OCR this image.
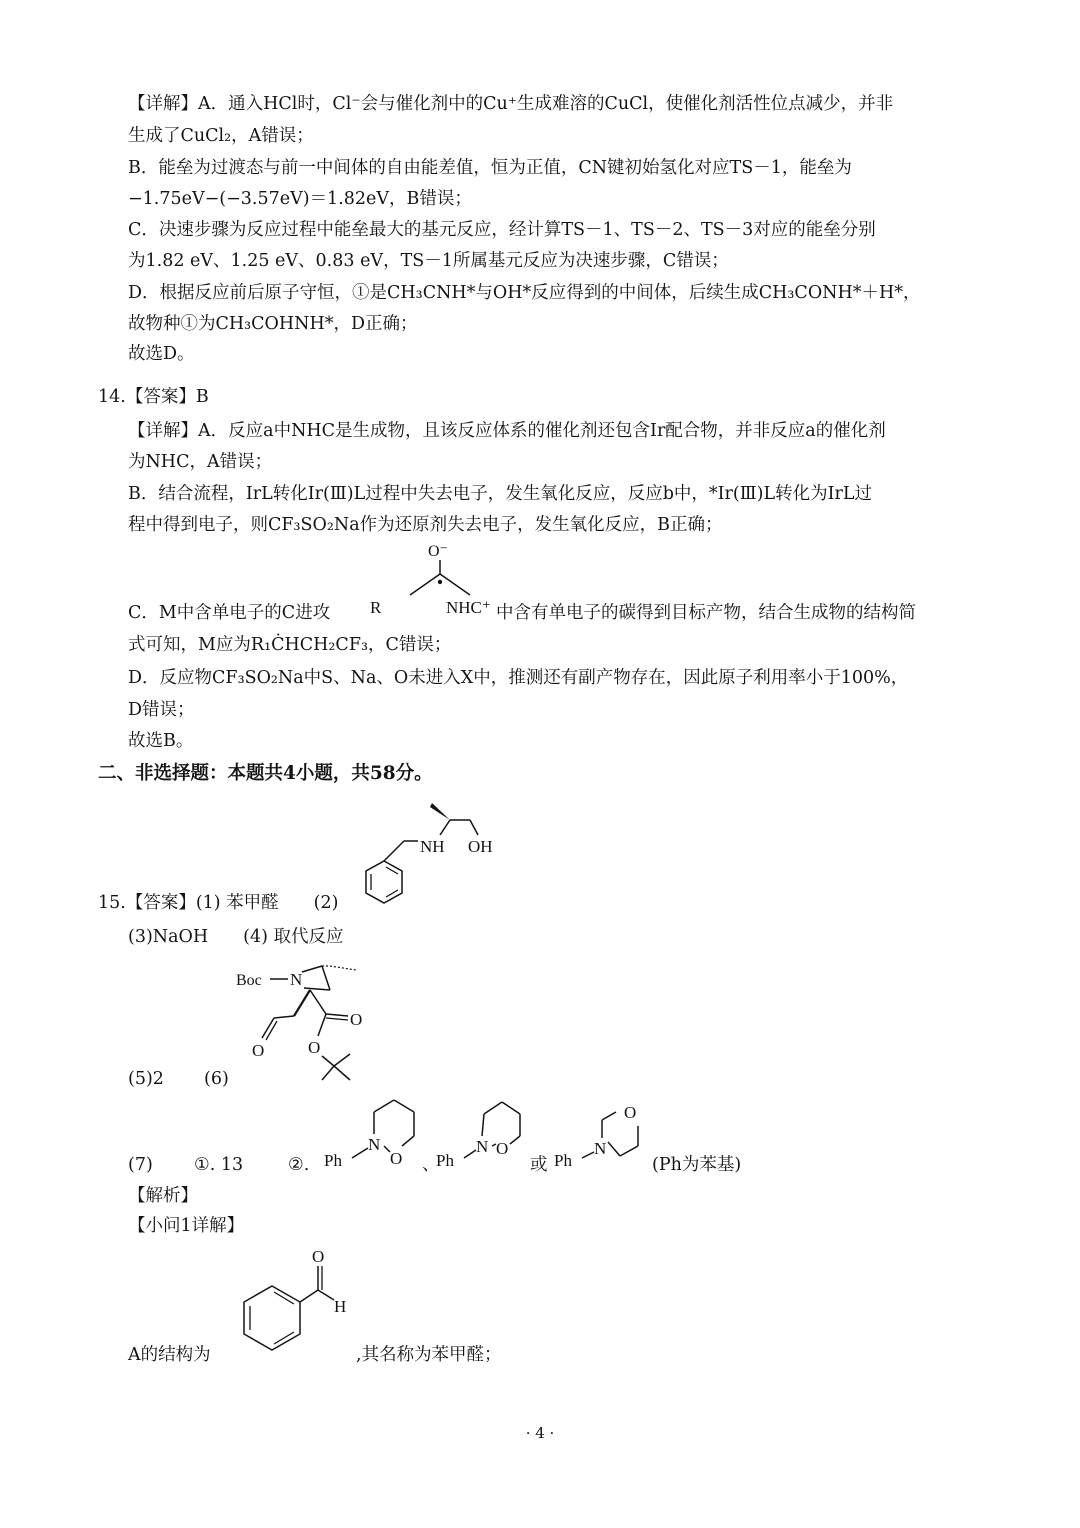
【详解】A．通入HCl时，Cl⁻会与催化剂中的Cu⁺生成难溶的CuCl，使催化剂活性位点减少，并非
生成了CuCl₂，A错误；
B．能垒为过渡态与前一中间体的自由能差值，恒为正值，CN键初始氢化对应TS－1，能垒为
−1.75eV−(−3.57eV)＝1.82eV，B错误；
C．决速步骤为反应过程中能垒最大的基元反应，经计算TS－1、TS－2、TS－3对应的能垒分别
为1.82 eV、1.25 eV、0.83 eV，TS－1所属基元反应为决速步骤，C错误；
D．根据反应前后原子守恒，①是CH₃CNH*与OH*反应得到的中间体，后续生成CH₃CONH*＋H*，
故物种①为CH₃COHNH*，D正确；
故选D。
14.【答案】B
【详解】A．反应a中NHC是生成物，且该反应体系的催化剂还包含Ir配合物，并非反应a的催化剂
为NHC，A错误；
B．结合流程，IrL转化Ir(Ⅲ)L过程中失去电子，发生氧化反应，反应b中，*Ir(Ⅲ)L转化为IrL过
程中得到电子，则CF₃SO₂Na作为还原剂失去电子，发生氧化反应，B正确；
C．M中含单电子的C进攻
O⁻
R	NHC⁺ 中含有单电子的碳得到目标产物，结合生成物的结构简
式可知，M应为R₁ĊHCH₂CF₃，C错误；
D．反应物CF₃SO₂Na中S、Na、O未进入X中，推测还有副产物存在，因此原子利用率小于100%，
D错误；
故选B。
二、非选择题：本题共4小题，共58分。
NH OH
15.【答案】(1) 苯甲醛　　(2)
(3)NaOH　　(4) 取代反应
Boc N
O
O
O
(5)2 (6)
(7) ①. 13	②. Ph
N
O 、
Ph
N O
或 Ph
N
O
(Ph为苯基)
【解析】
【小问1详解】
O
H
A的结构为	,其名称为苯甲醛；
· 4 ·
